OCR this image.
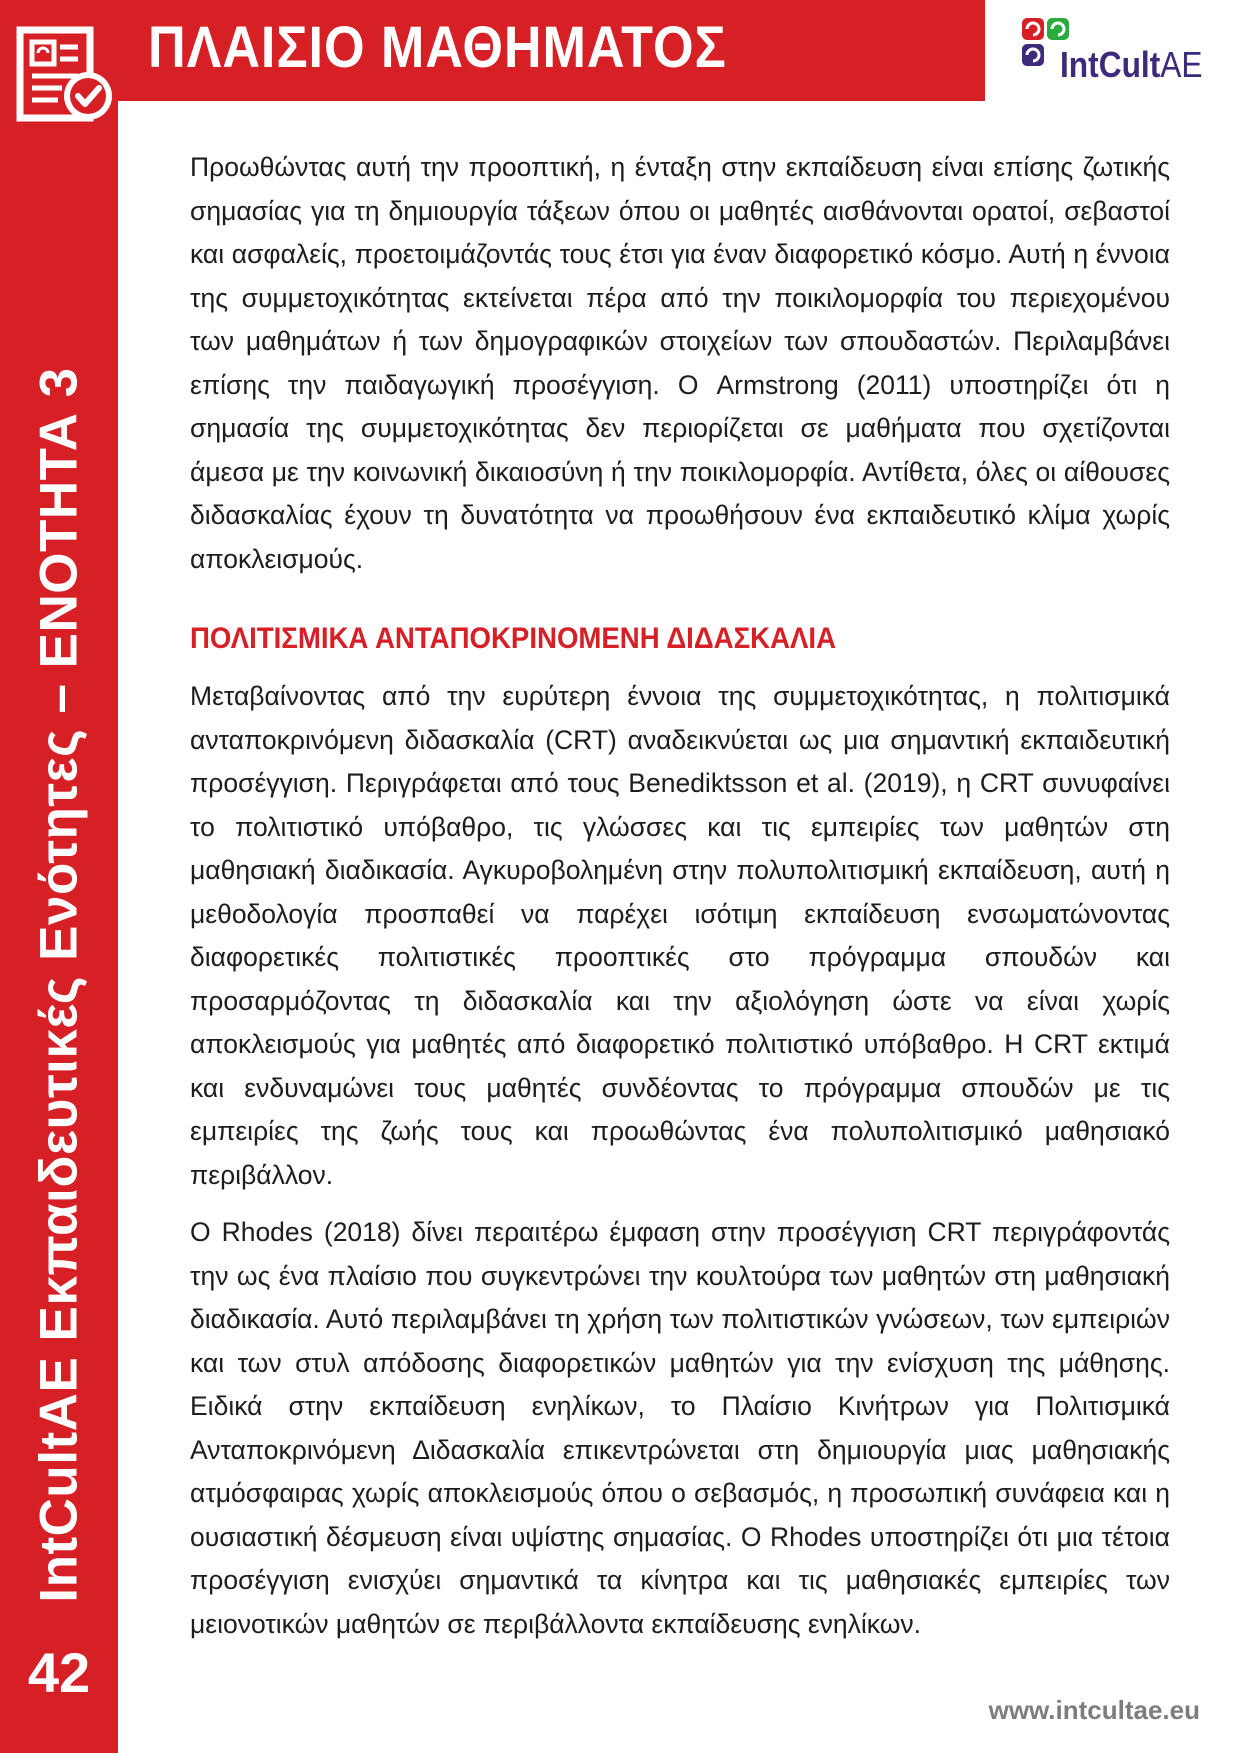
ΠΛΑΙΣΙΟ ΜΑΘΗΜΑΤΟΣ	IntCultAE
IntCultAE Εκπαιδευτικές Ενότητες – ΕΝΟΤΗΤΑ 3
42

Προωθώντας αυτή την προοπτική, η ένταξη στην εκπαίδευση είναι επίσης ζωτικής σημασίας για τη δημιουργία τάξεων όπου οι μαθητές αισθάνονται ορατοί, σεβαστοί και ασφαλείς, προετοιμάζοντάς τους έτσι για έναν διαφορετικό κόσμο. Αυτή η έννοια της συμμετοχικότητας εκτείνεται πέρα από την ποικιλομορφία του περιεχομένου των μαθημάτων ή των δημογραφικών στοιχείων των σπουδαστών. Περιλαμβάνει επίσης την παιδαγωγική προσέγγιση. Ο Armstrong (2011) υποστηρίζει ότι η σημασία της συμμετοχικότητας δεν περιορίζεται σε μαθήματα που σχετίζονται άμεσα με την κοινωνική δικαιοσύνη ή την ποικιλομορφία. Αντίθετα, όλες οι αίθουσες διδασκαλίας έχουν τη δυνατότητα να προωθήσουν ένα εκπαιδευτικό κλίμα χωρίς αποκλεισμούς.

ΠΟΛΙΤΙΣΜΙΚΑ ΑΝΤΑΠΟΚΡΙΝΟΜΕΝΗ ΔΙΔΑΣΚΑΛΙΑ

Μεταβαίνοντας από την ευρύτερη έννοια της συμμετοχικότητας, η πολιτισμικά ανταποκρινόμενη διδασκαλία (CRT) αναδεικνύεται ως μια σημαντική εκπαιδευτική προσέγγιση. Περιγράφεται από τους Benediktsson et al. (2019), η CRT συνυφαίνει το πολιτιστικό υπόβαθρο, τις γλώσσες και τις εμπειρίες των μαθητών στη μαθησιακή διαδικασία. Αγκυροβολημένη στην πολυπολιτισμική εκπαίδευση, αυτή η μεθοδολογία προσπαθεί να παρέχει ισότιμη εκπαίδευση ενσωματώνοντας διαφορετικές πολιτιστικές προοπτικές στο πρόγραμμα σπουδών και προσαρμόζοντας τη διδασκαλία και την αξιολόγηση ώστε να είναι χωρίς αποκλεισμούς για μαθητές από διαφορετικό πολιτιστικό υπόβαθρο. Η CRT εκτιμά και ενδυναμώνει τους μαθητές συνδέοντας το πρόγραμμα σπουδών με τις εμπειρίες της ζωής τους και προωθώντας ένα πολυπολιτισμικό μαθησιακό περιβάλλον.

Ο Rhodes (2018) δίνει περαιτέρω έμφαση στην προσέγγιση CRT περιγράφοντάς την ως ένα πλαίσιο που συγκεντρώνει την κουλτούρα των μαθητών στη μαθησιακή διαδικασία. Αυτό περιλαμβάνει τη χρήση των πολιτιστικών γνώσεων, των εμπειριών και των στυλ απόδοσης διαφορετικών μαθητών για την ενίσχυση της μάθησης. Ειδικά στην εκπαίδευση ενηλίκων, το Πλαίσιο Κινήτρων για Πολιτισμικά Ανταποκρινόμενη Διδασκαλία επικεντρώνεται στη δημιουργία μιας μαθησιακής ατμόσφαιρας χωρίς αποκλεισμούς όπου ο σεβασμός, η προσωπική συνάφεια και η ουσιαστική δέσμευση είναι υψίστης σημασίας. Ο Rhodes υποστηρίζει ότι μια τέτοια προσέγγιση ενισχύει σημαντικά τα κίνητρα και τις μαθησιακές εμπειρίες των μειονοτικών μαθητών σε περιβάλλοντα εκπαίδευσης ενηλίκων.

www.intcultae.eu
